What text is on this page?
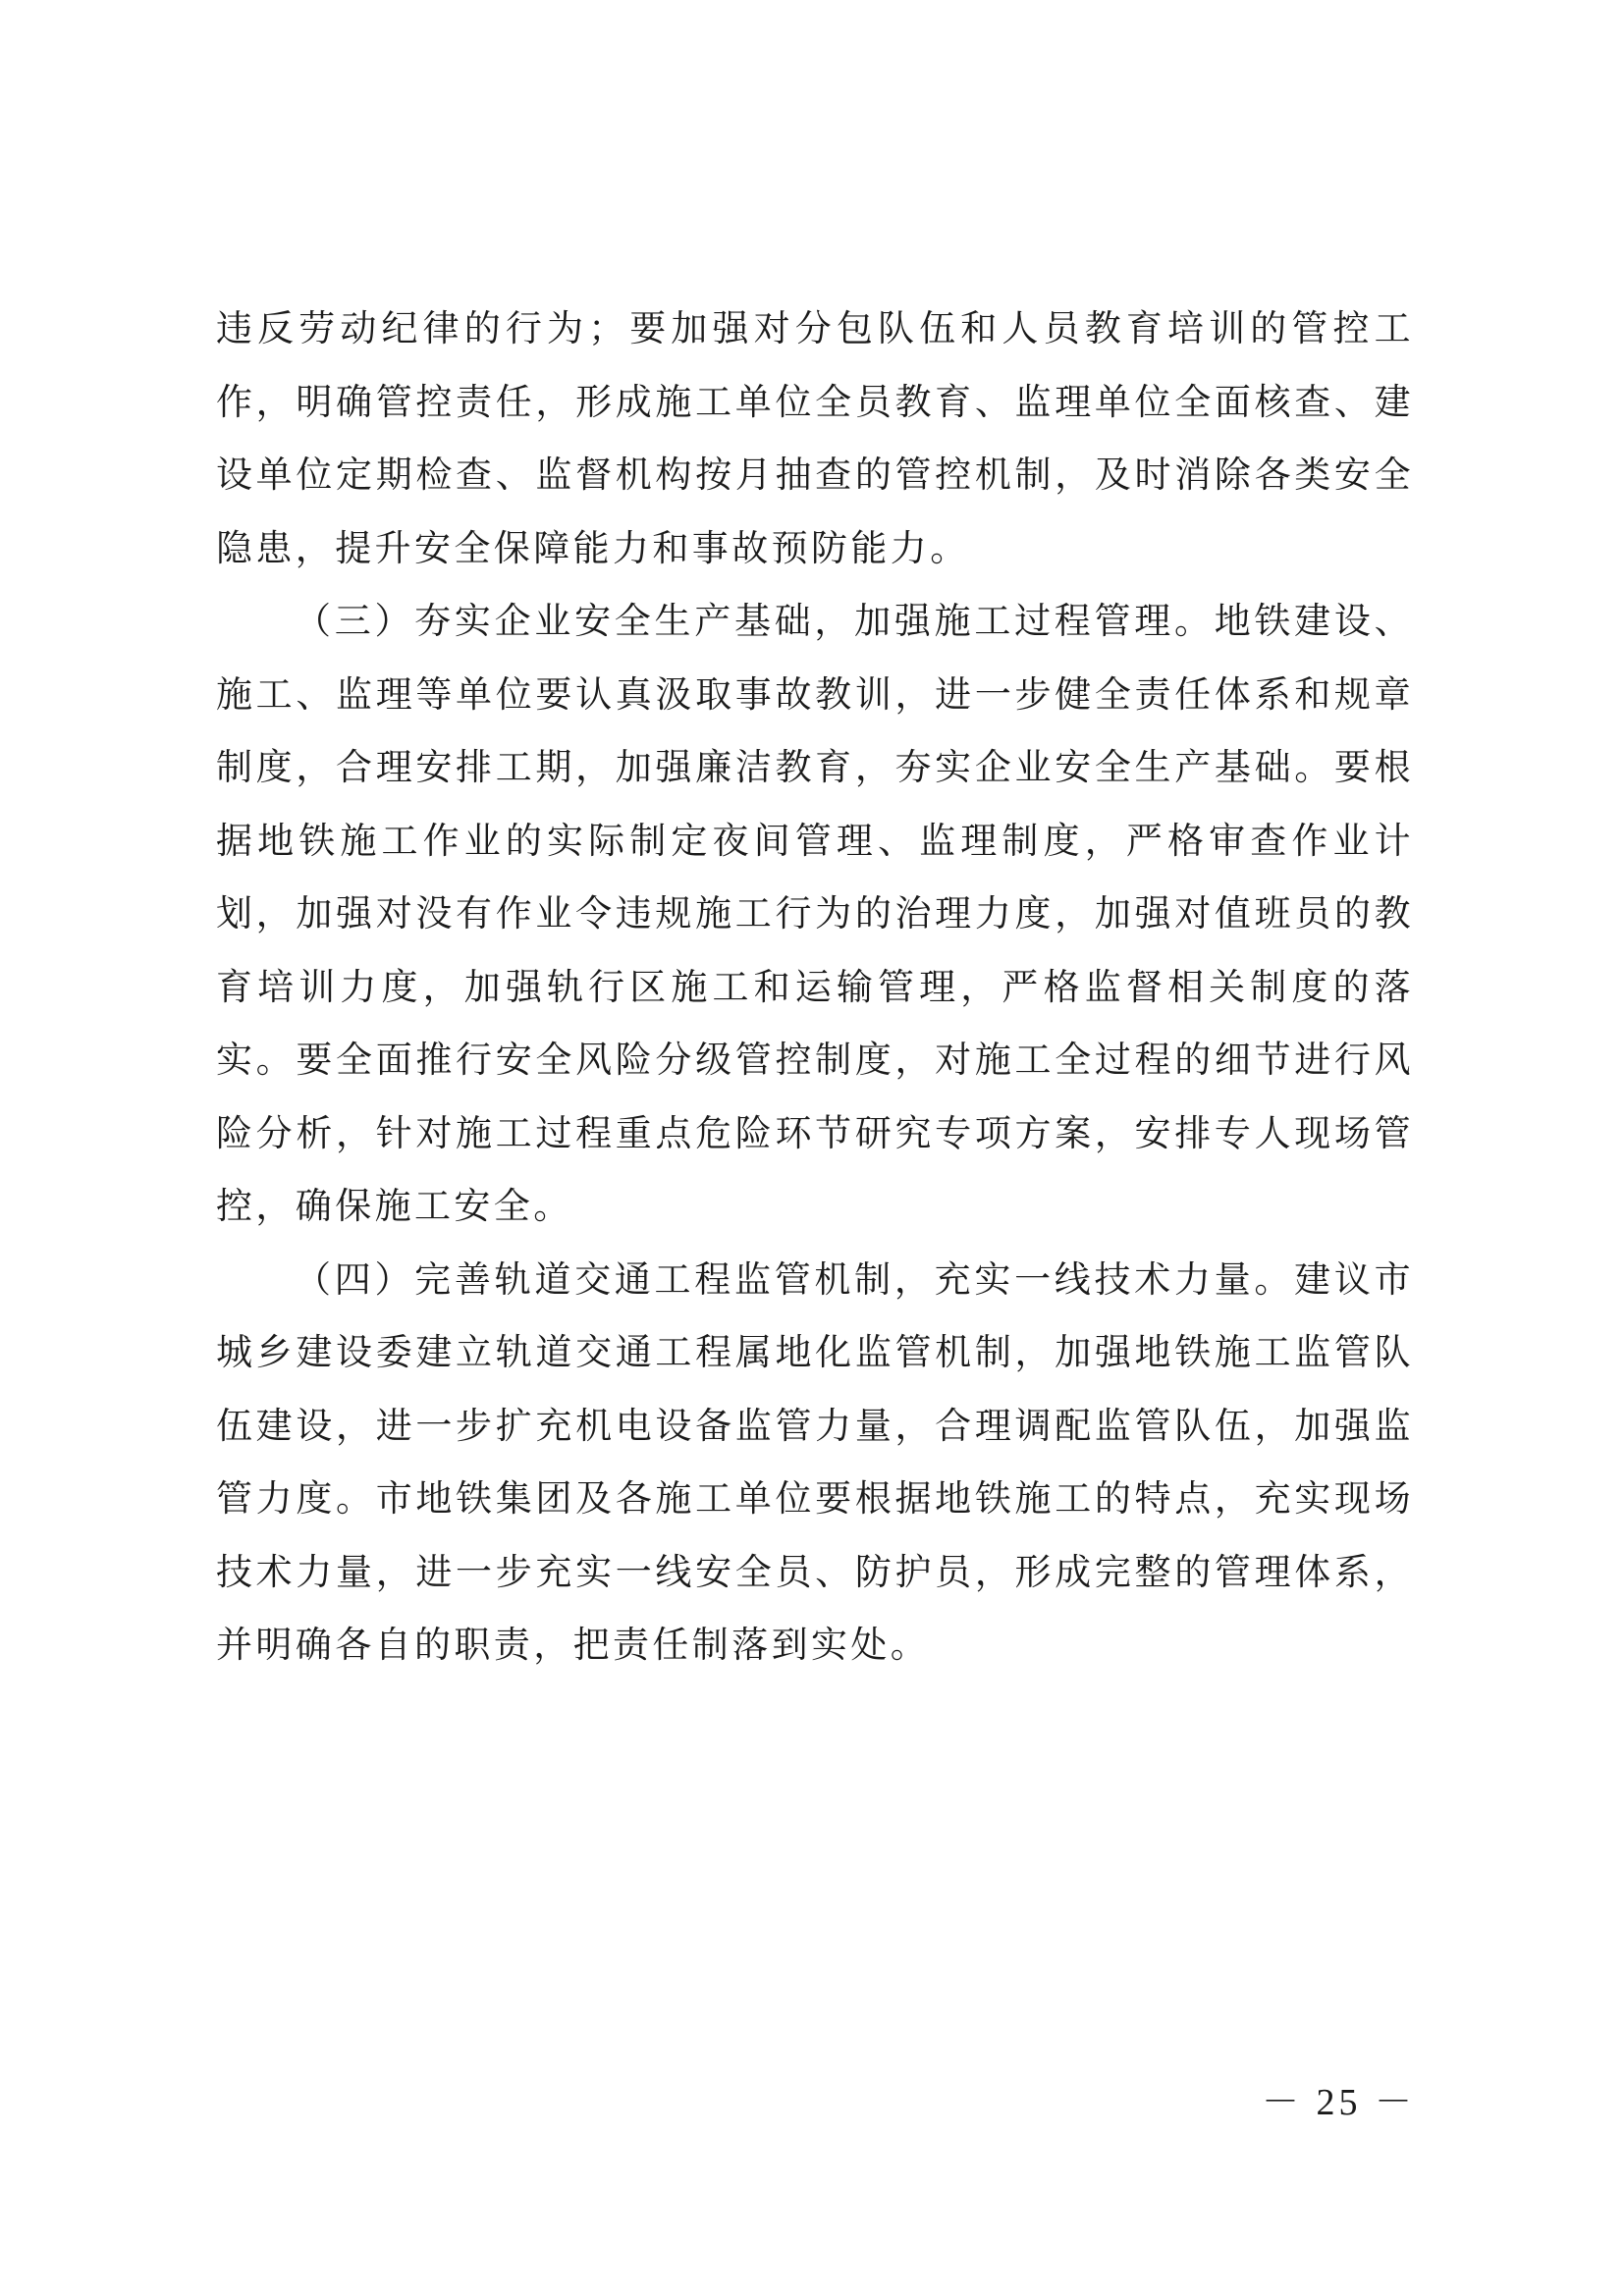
违反劳动纪律的行为；要加强对分包队伍和人员教育培训的管控工作，明确管控责任，形成施工单位全员教育、监理单位全面核查、建设单位定期检查、监督机构按月抽查的管控机制，及时消除各类安全隐患，提升安全保障能力和事故预防能力。

（三）夯实企业安全生产基础，加强施工过程管理。地铁建设、施工、监理等单位要认真汲取事故教训，进一步健全责任体系和规章制度，合理安排工期，加强廉洁教育，夯实企业安全生产基础。要根据地铁施工作业的实际制定夜间管理、监理制度，严格审查作业计划，加强对没有作业令违规施工行为的治理力度，加强对值班员的教育培训力度，加强轨行区施工和运输管理，严格监督相关制度的落实。要全面推行安全风险分级管控制度，对施工全过程的细节进行风险分析，针对施工过程重点危险环节研究专项方案，安排专人现场管控，确保施工安全。

（四）完善轨道交通工程监管机制，充实一线技术力量。建议市城乡建设委建立轨道交通工程属地化监管机制，加强地铁施工监管队伍建设，进一步扩充机电设备监管力量，合理调配监管队伍，加强监管力度。市地铁集团及各施工单位要根据地铁施工的特点，充实现场技术力量，进一步充实一线安全员、防护员，形成完整的管理体系，并明确各自的职责，把责任制落到实处。

－ 25 －
